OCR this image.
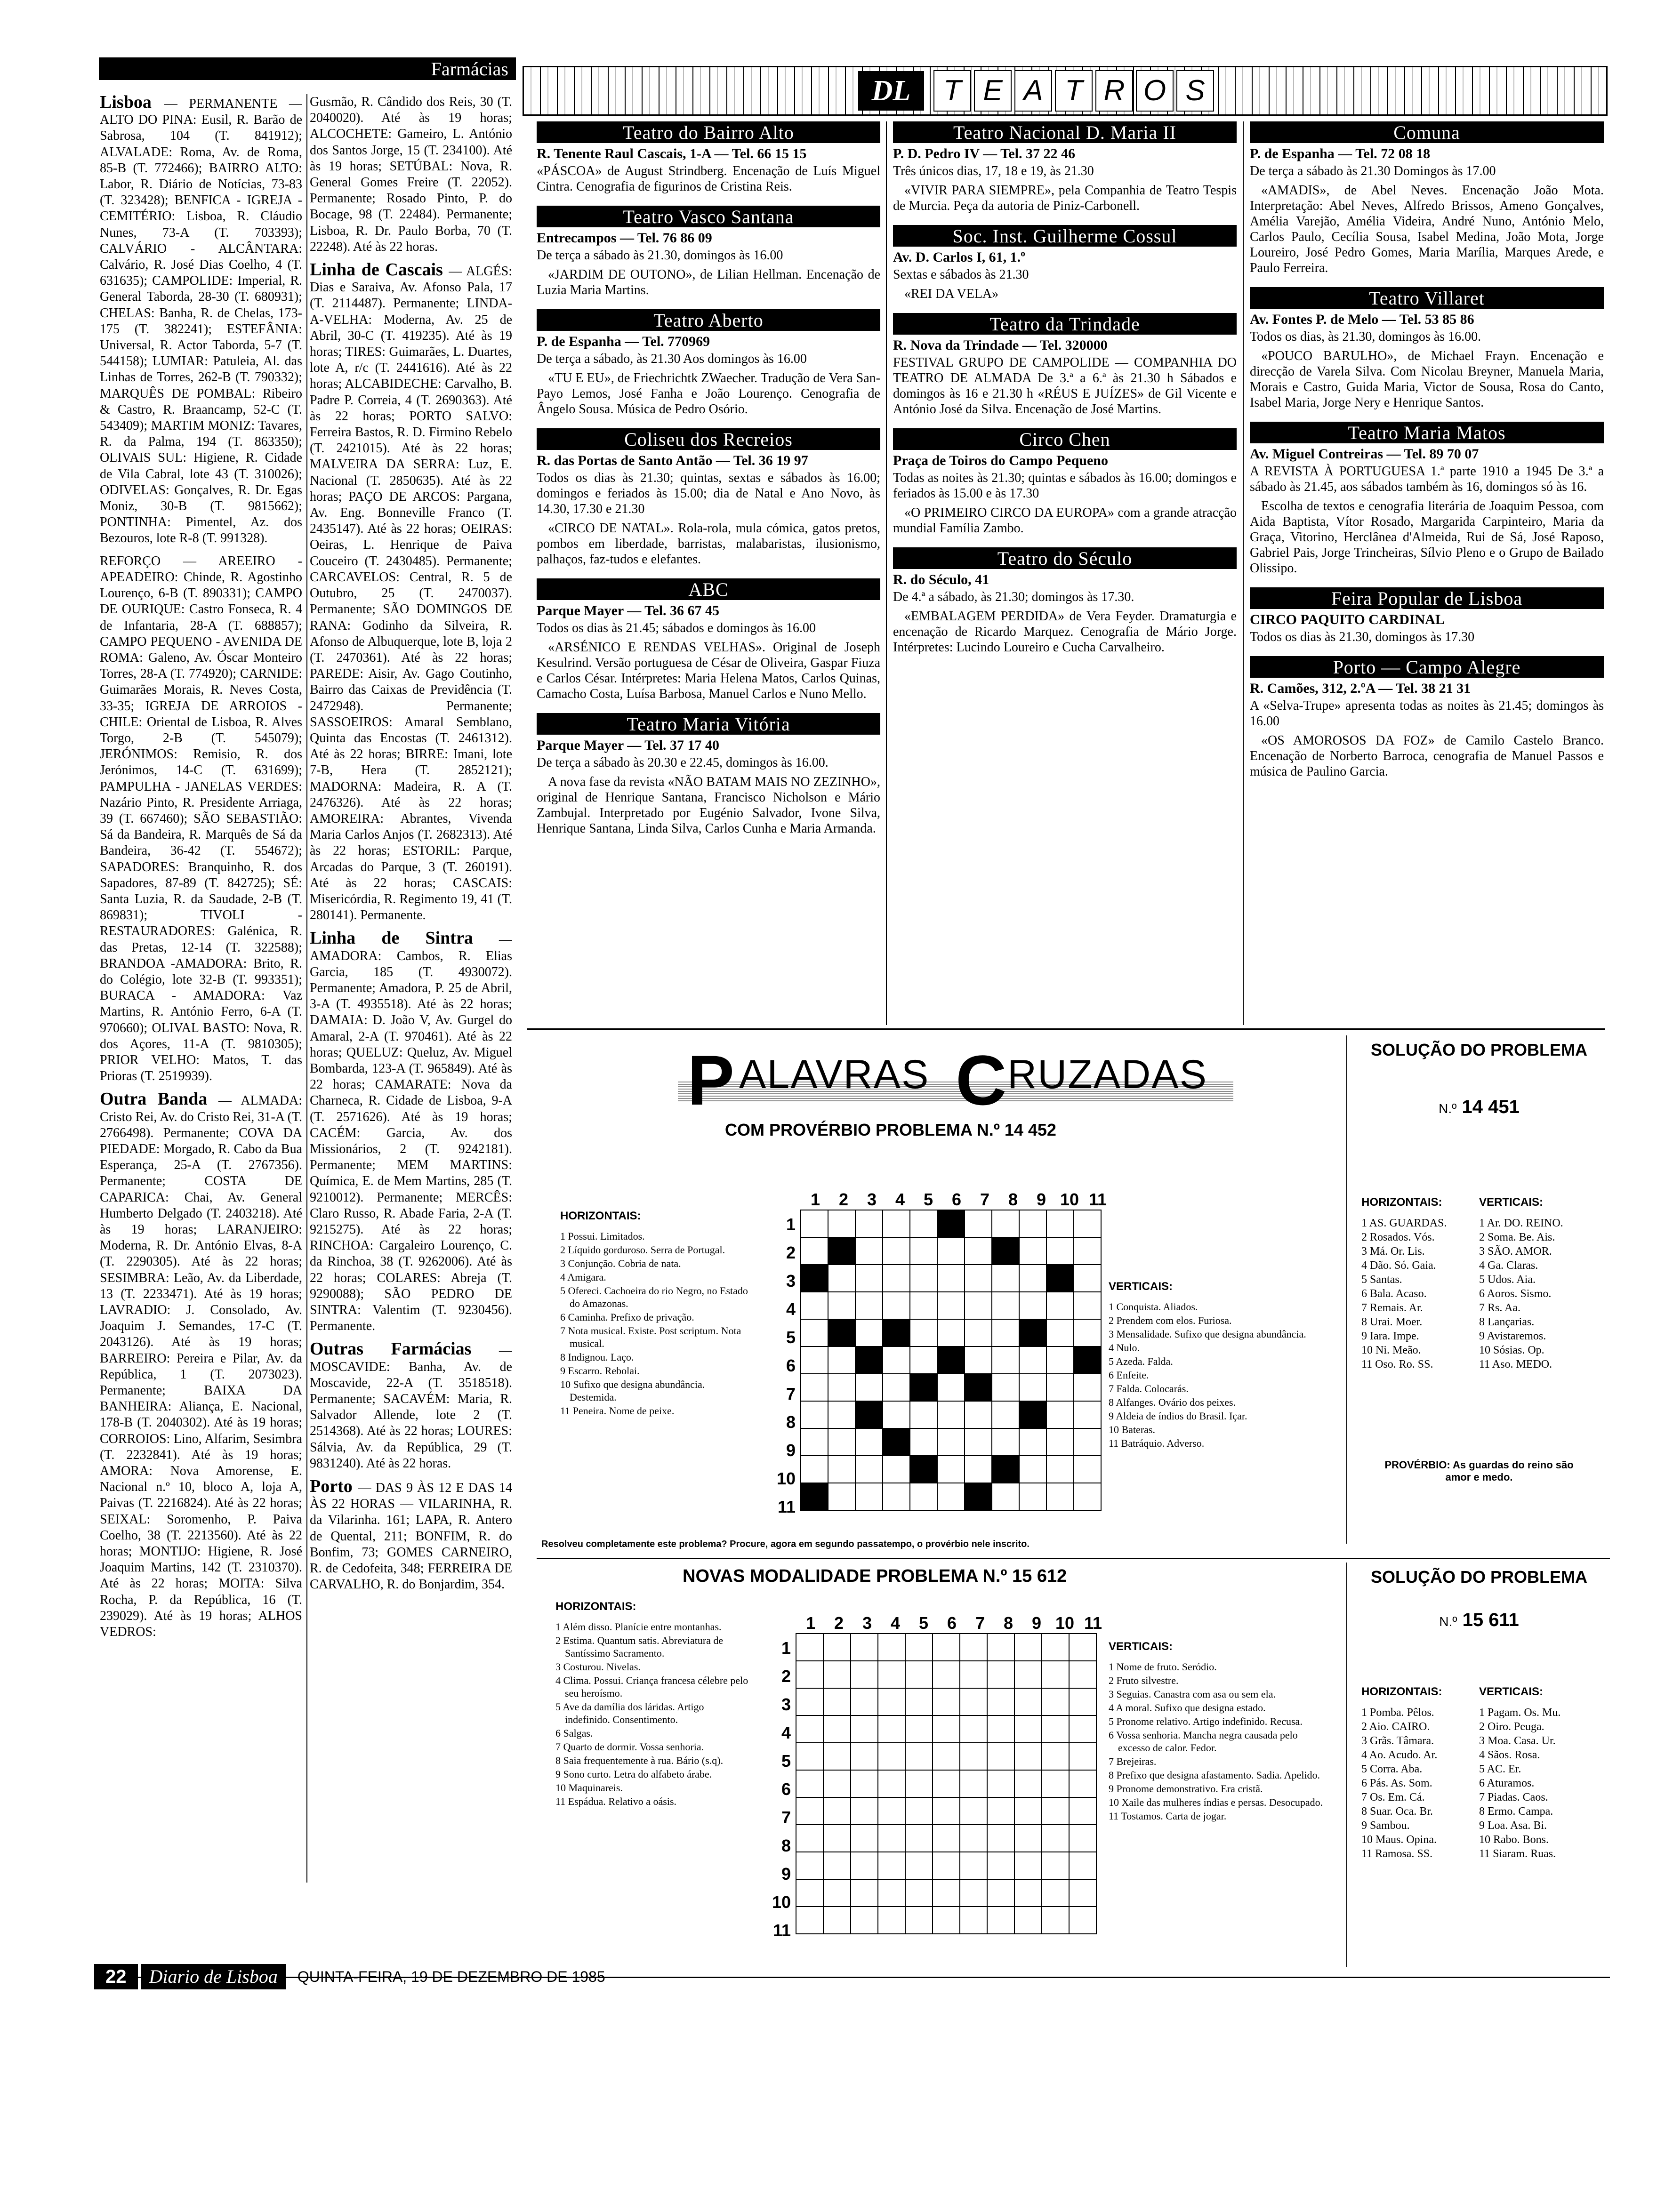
Farmácias

Lisboa — PERMANENTE — ALTO DO PINA: Eusil, R. Barão de Sabrosa, 104 (T. 841912); ALVALADE: Roma, Av. de Roma, 85-B (T. 772466); BAIRRO ALTO: Labor, R. Diário de Notícias, 73-83 (T. 323428); BENFICA - IGREJA -CEMITÉRIO: Lisboa, R. Cláudio Nunes, 73-A (T. 703393); CALVÁRIO - ALCÂNTARA: Calvário, R. José Dias Coelho, 4 (T. 631635); CAMPOLIDE: Imperial, R. General Taborda, 28-30 (T. 680931); CHELAS: Banha, R. de Chelas, 173-175 (T. 382241); ESTEFÂNIA: Universal, R. Actor Taborda, 5-7 (T. 544158); LUMIAR: Patuleia, Al. das Linhas de Torres, 262-B (T. 790332); MARQUÊS DE POMBAL: Ribeiro & Castro, R. Braancamp, 52-C (T. 543409); MARTIM MONIZ: Tavares, R. da Palma, 194 (T. 863350); OLIVAIS SUL: Higiene, R. Cidade de Vila Cabral, lote 43 (T. 310026); ODIVELAS: Gonçalves, R. Dr. Egas Moniz, 30-B (T. 9815662); PONTINHA: Pimentel, Az. dos Bezouros, lote R-8 (T. 991328).

REFORÇO — AREEIRO -APEADEIRO: Chinde, R. Agostinho Lourenço, 6-B (T. 890331); CAMPO DE OURIQUE: Castro Fonseca, R. 4 de Infantaria, 28-A (T. 688857); CAMPO PEQUENO - AVENIDA DE ROMA: Galeno, Av. Óscar Monteiro Torres, 28-A (T. 774920); CARNIDE: Guimarães Morais, R. Neves Costa, 33-35; IGREJA DE ARROIOS - CHILE: Oriental de Lisboa, R. Alves Torgo, 2-B (T. 545079); JERÓNIMOS: Remisio, R. dos Jerónimos, 14-C (T. 631699); PAMPULHA - JANELAS VERDES: Nazário Pinto, R. Presidente Arriaga, 39 (T. 667460); SÃO SEBASTIÃO: Sá da Bandeira, R. Marquês de Sá da Bandeira, 36-42 (T. 554672); SAPADORES: Branquinho, R. dos Sapadores, 87-89 (T. 842725); SÉ: Santa Luzia, R. da Saudade, 2-B (T. 869831); TIVOLI - RESTAURADORES: Galénica, R. das Pretas, 12-14 (T. 322588); BRANDOA -AMADORA: Brito, R. do Colégio, lote 32-B (T. 993351); BURACA - AMADORA: Vaz Martins, R. António Ferro, 6-A (T. 970660); OLIVAL BASTO: Nova, R. dos Açores, 11-A (T. 9810305); PRIOR VELHO: Matos, T. das Prioras (T. 2519939).

Outra Banda — ALMADA: Cristo Rei, Av. do Cristo Rei, 31-A (T. 2766498). Permanente; COVA DA PIEDADE: Morgado, R. Cabo da Bua Esperança, 25-A (T. 2767356). Permanente; COSTA DE CAPARICA: Chai, Av. General Humberto Delgado (T. 2403218). Até às 19 horas; LARANJEIRO: Moderna, R. Dr. António Elvas, 8-A (T. 2290305). Até às 22 horas; SESIMBRA: Leão, Av. da Liberdade, 13 (T. 2233471). Até às 19 horas; LAVRADIO: J. Consolado, Av. Joaquim J. Semandes, 17-C (T. 2043126). Até às 19 horas; BARREIRO: Pereira e Pilar, Av. da República, 1 (T. 2073023). Permanente; BAIXA DA BANHEIRA: Aliança, E. Nacional, 178-B (T. 2040302). Até às 19 horas; CORROIOS: Lino, Alfarim, Sesimbra (T. 2232841). Até às 19 horas; AMORA: Nova Amorense, E. Nacional n.º 10, bloco A, loja A, Paivas (T. 2216824). Até às 22 horas; SEIXAL: Soromenho, P. Paiva Coelho, 38 (T. 2213560). Até às 22 horas; MONTIJO: Higiene, R. José Joaquim Martins, 142 (T. 2310370). Até às 22 horas; MOITA: Silva Rocha, P. da República, 16 (T. 239029). Até às 19 horas; ALHOS VEDROS:

Gusmão, R. Cândido dos Reis, 30 (T. 2040020). Até às 19 horas; ALCOCHETE: Gameiro, L. António dos Santos Jorge, 15 (T. 234100). Até às 19 horas; SETÚBAL: Nova, R. General Gomes Freire (T. 22052). Permanente; Rosado Pinto, P. do Bocage, 98 (T. 22484). Permanente; Lisboa, R. Dr. Paulo Borba, 70 (T. 22248). Até às 22 horas.

Linha de Cascais — ALGÉS: Dias e Saraiva, Av. Afonso Pala, 17 (T. 2114487). Permanente; LINDA-A-VELHA: Moderna, Av. 25 de Abril, 30-C (T. 419235). Até às 19 horas; TIRES: Guimarães, L. Duartes, lote A, r/c (T. 2441616). Até às 22 horas; ALCABIDECHE: Carvalho, B. Padre P. Correia, 4 (T. 2690363). Até às 22 horas; PORTO SALVO: Ferreira Bastos, R. D. Firmino Rebelo (T. 2421015). Até às 22 horas; MALVEIRA DA SERRA: Luz, E. Nacional (T. 2850635). Até às 22 horas; PAÇO DE ARCOS: Pargana, Av. Eng. Bonneville Franco (T. 2435147). Até às 22 horas; OEIRAS: Oeiras, L. Henrique de Paiva Couceiro (T. 2430485). Permanente; CARCAVELOS: Central, R. 5 de Outubro, 25 (T. 2470037). Permanente; SÃO DOMINGOS DE RANA: Godinho da Silveira, R. Afonso de Albuquerque, lote B, loja 2 (T. 2470361). Até às 22 horas; PAREDE: Aisir, Av. Gago Coutinho, Bairro das Caixas de Previdência (T. 2472948). Permanente; SASSOEIROS: Amaral Semblano, Quinta das Encostas (T. 2461312). Até às 22 horas; BIRRE: Imani, lote 7-B, Hera (T. 2852121); MADORNA: Madeira, R. A (T. 2476326). Até às 22 horas; AMOREIRA: Abrantes, Vivenda Maria Carlos Anjos (T. 2682313). Até às 22 horas; ESTORIL: Parque, Arcadas do Parque, 3 (T. 260191). Até às 22 horas; CASCAIS: Misericórdia, R. Regimento 19, 41 (T. 280141). Permanente.

Linha de Sintra — AMADORA: Cambos, R. Elias Garcia, 185 (T. 4930072). Permanente; Amadora, P. 25 de Abril, 3-A (T. 4935518). Até às 22 horas; DAMAIA: D. João V, Av. Gurgel do Amaral, 2-A (T. 970461). Até às 22 horas; QUELUZ: Queluz, Av. Miguel Bombarda, 123-A (T. 965849). Até às 22 horas; CAMARATE: Nova da Charneca, R. Cidade de Lisboa, 9-A (T. 2571626). Até às 19 horas; CACÉM: Garcia, Av. dos Missionários, 2 (T. 9242181). Permanente; MEM MARTINS: Química, E. de Mem Martins, 285 (T. 9210012). Permanente; MERCÊS: Claro Russo, R. Abade Faria, 2-A (T. 9215275). Até às 22 horas; RINCHOA: Cargaleiro Lourenço, C. da Rinchoa, 38 (T. 9262006). Até às 22 horas; COLARES: Abreja (T. 9290088); SÃO PEDRO DE SINTRA: Valentim (T. 9230456). Permanente.

Outras Farmácias — MOSCAVIDE: Banha, Av. de Moscavide, 22-A (T. 3518518). Permanente; SACAVÉM: Maria, R. Salvador Allende, lote 2 (T. 2514368). Até às 22 horas; LOURES: Sálvia, Av. da República, 29 (T. 9831240). Até às 22 horas.

Porto — DAS 9 ÀS 12 E DAS 14 ÀS 22 HORAS — VILARINHA, R. da Vilarinha. 161; LAPA, R. Antero de Quental, 211; BONFIM, R. do Bonfim, 73; GOMES CARNEIRO, R. de Cedofeita, 348; FERREIRA DE CARVALHO, R. do Bonjardim, 354.

DL	T E A T R O S
Teatro do Bairro Alto
R. Tenente Raul Cascais, 1-A — Tel. 66 15 15

«PÁSCOA» de August Strindberg. Encenação de Luís Miguel Cintra. Cenografia de figurinos de Cristina Reis.

Teatro Vasco Santana
Entrecampos — Tel. 76 86 09

De terça a sábado às 21.30, domingos às 16.00

«JARDIM DE OUTONO», de Lilian Hellman. Encenação de Luzia Maria Martins.

Teatro Aberto
P. de Espanha — Tel. 770969

De terça a sábado, às 21.30 Aos domingos às 16.00

«TU E EU», de Friechrichtk ZWaecher. Tradução de Vera San-Payo Lemos, José Fanha e João Lourenço. Cenografia de Ângelo Sousa. Música de Pedro Osório.

Coliseu dos Recreios
R. das Portas de Santo Antão — Tel. 36 19 97

Todos os dias às 21.30; quintas, sextas e sábados às 16.00; domingos e feriados às 15.00; dia de Natal e Ano Novo, às 14.30, 17.30 e 21.30

«CIRCO DE NATAL». Rola-rola, mula cómica, gatos pretos, pombos em liberdade, barristas, malabaristas, ilusionismo, palhaços, faz-tudos e elefantes.

ABC
Parque Mayer — Tel. 36 67 45

Todos os dias às 21.45; sábados e domingos às 16.00

«ARSÉNICO E RENDAS VELHAS». Original de Joseph Kesulrind. Versão portuguesa de César de Oliveira, Gaspar Fiuza e Carlos César. Intérpretes: Maria Helena Matos, Carlos Quinas, Camacho Costa, Luísa Barbosa, Manuel Carlos e Nuno Mello.

Teatro Maria Vitória
Parque Mayer — Tel. 37 17 40

De terça a sábado às 20.30 e 22.45, domingos às 16.00.

A nova fase da revista «NÃO BATAM MAIS NO ZEZINHO», original de Henrique Santana, Francisco Nicholson e Mário Zambujal. Interpretado por Eugénio Salvador, Ivone Silva, Henrique Santana, Linda Silva, Carlos Cunha e Maria Armanda.

Teatro Nacional D. Maria II
P. D. Pedro IV — Tel. 37 22 46

Três únicos dias, 17, 18 e 19, às 21.30

«VIVIR PARA SIEMPRE», pela Companhia de Teatro Tespis de Murcia. Peça da autoria de Piniz-Carbonell.

Soc. Inst. Guilherme Cossul
Av. D. Carlos I, 61, 1.º

Sextas e sábados às 21.30

«REI DA VELA»

Teatro da Trindade
R. Nova da Trindade — Tel. 320000

FESTIVAL GRUPO DE CAMPOLIDE — COMPANHIA DO TEATRO DE ALMADA De 3.ª a 6.ª às 21.30 h Sábados e domingos às 16 e 21.30 h «RÉUS E JUÍZES» de Gil Vicente e António José da Silva. Encenação de José Martins.

Circo Chen
Praça de Toiros do Campo Pequeno

Todas as noites às 21.30; quintas e sábados às 16.00; domingos e feriados às 15.00 e às 17.30

«O PRIMEIRO CIRCO DA EUROPA» com a grande atracção mundial Família Zambo.

Teatro do Século
R. do Século, 41

De 4.ª a sábado, às 21.30; domingos às 17.30.

«EMBALAGEM PERDIDA» de Vera Feyder. Dramaturgia e encenação de Ricardo Marquez. Cenografia de Mário Jorge. Intérpretes: Lucindo Loureiro e Cucha Carvalheiro.

Comuna
P. de Espanha — Tel. 72 08 18

De terça a sábado às 21.30 Domingos às 17.00

«AMADIS», de Abel Neves. Encenação João Mota. Interpretação: Abel Neves, Alfredo Brissos, Ameno Gonçalves, Amélia Varejão, Amélia Videira, André Nuno, António Melo, Carlos Paulo, Cecília Sousa, Isabel Medina, João Mota, Jorge Loureiro, José Pedro Gomes, Maria Marília, Marques Arede, e Paulo Ferreira.

Teatro Villaret
Av. Fontes P. de Melo — Tel. 53 85 86

Todos os dias, às 21.30, domingos às 16.00.

«POUCO BARULHO», de Michael Frayn. Encenação e direcção de Varela Silva. Com Nicolau Breyner, Manuela Maria, Morais e Castro, Guida Maria, Victor de Sousa, Rosa do Canto, Isabel Maria, Jorge Nery e Henrique Santos.

Teatro Maria Matos
Av. Miguel Contreiras — Tel. 89 70 07

A REVISTA À PORTUGUESA 1.ª parte 1910 a 1945 De 3.ª a sábado às 21.45, aos sábados também às 16, domingos só às 16.

Escolha de textos e cenografia literária de Joaquim Pessoa, com Aida Baptista, Vítor Rosado, Margarida Carpinteiro, Maria da Graça, Vitorino, Herclânea d'Almeida, Rui de Sá, José Raposo, Gabriel Pais, Jorge Trincheiras, Sílvio Pleno e o Grupo de Bailado Olissipo.

Feira Popular de Lisboa
CIRCO PAQUITO CARDINAL

Todos os dias às 21.30, domingos às 17.30

Porto — Campo Alegre
R. Camões, 312, 2.ºA — Tel. 38 21 31

A «Selva-Trupe» apresenta todas as noites às 21.45; domingos às 16.00

«OS AMOROSOS DA FOZ» de Camilo Castelo Branco. Encenação de Norberto Barroca, cenografia de Manuel Passos e música de Paulino Garcia.

P ALAVRAS C RUZADAS
COM PROVÉRBIO PROBLEMA N.º 14 452
HORIZONTAIS:
1 Possui. Limitados.
2 Líquido gorduroso. Serra de Portugal.
3 Conjunção. Cobria de nata.
4 Amigara.
5 Ofereci. Cachoeira do rio Negro, no Estado do Amazonas.
6 Caminha. Prefixo de privação.
7 Nota musical. Existe. Post scriptum. Nota musical.
8 Indignou. Laço.
9 Escarro. Rebolai.
10 Sufixo que designa abundância. Destemida.
11 Peneira. Nome de peixe.
1	2	3	4	5	6	7	8	9 10 11
1
2
3
4
5
6
7
8
9
10
11

VERTICAIS:
1 Conquista. Aliados.
2 Prendem com elos. Furiosa.
3 Mensalidade. Sufixo que designa abundância.
4 Nulo.
5 Azeda. Falda.
6 Enfeite.
7 Falda. Colocarás.
8 Alfanges. Ovário dos peixes.
9 Aldeia de índios do Brasil. Içar.
10 Bateras.
11 Batráquio. Adverso.
Resolveu completamente este problema? Procure, agora em segundo passatempo, o provérbio nele inscrito.
SOLUÇÃO DO PROBLEMA
N.º 14 451
HORIZONTAIS:
1 AS. GUARDAS.
2 Rosados. Vós.
3 Má. Or. Lis.
4 Dão. Só. Gaia.
5 Santas.
6 Bala. Acaso.
7 Remais. Ar.
8 Urai. Moer.
9 Iara. Impe.
10 Ni. Meão.
11 Oso. Ro. SS.
VERTICAIS:
1 Ar. DO. REINO.
2 Soma. Be. Ais.
3 SÃO. AMOR.
4 Ga. Claras.
5 Udos. Aia.
6 Aoros. Sismo.
7 Rs. Aa.
8 Lançarias.
9 Avistaremos.
10 Sósias. Op.
11 Aso. MEDO.
PROVÉRBIO: As guardas do reino são amor e medo.
NOVAS MODALIDADE PROBLEMA N.º 15 612
HORIZONTAIS:
1 Além disso. Planície entre montanhas.
2 Estima. Quantum satis. Abreviatura de Santíssimo Sacramento.
3 Costurou. Nivelas.
4 Clima. Possui. Criança francesa célebre pelo seu heroísmo.
5 Ave da damília dos láridas. Artigo indefinido. Consentimento.
6 Salgas.
7 Quarto de dormir. Vossa senhoria.
8 Saia frequentemente à rua. Bário (s.q).
9 Sono curto. Letra do alfabeto árabe.
10 Maquinareis.
11 Espádua. Relativo a oásis.
1	2	3	4	5	6	7	8	9 10 11
1
2
3
4
5
6
7
8
9
10
11

VERTICAIS:
1 Nome de fruto. Seródio.
2 Fruto silvestre.
3 Seguias. Canastra com asa ou sem ela.
4 A moral. Sufixo que designa estado.
5 Pronome relativo. Artigo indefinido. Recusa.
6 Vossa senhoria. Mancha negra causada pelo excesso de calor. Fedor.
7 Brejeiras.
8 Prefixo que designa afastamento. Sadia. Apelido.
9 Pronome demonstrativo. Era cristã.
10 Xaile das mulheres índias e persas. Desocupado.
11 Tostamos. Carta de jogar.
SOLUÇÃO DO PROBLEMA
N.º 15 611
HORIZONTAIS:
1 Pomba. Pêlos.
2 Aio. CAIRO.
3 Grãs. Tâmara.
4 Ao. Acudo. Ar.
5 Corra. Aba.
6 Pás. As. Som.
7 Os. Em. Cá.
8 Suar. Oca. Br.
9 Sambou.
10 Maus. Opina.
11 Ramosa. SS.
VERTICAIS:
1 Pagam. Os. Mu.
2 Oiro. Peuga.
3 Moa. Casa. Ur.
4 Sãos. Rosa.
5 AC. Er.
6 Aturamos.
7 Piadas. Caos.
8 Ermo. Campa.
9 Loa. Asa. Bi.
10 Rabo. Bons.
11 Siaram. Ruas.
22	Diario de Lisboa	QUINTA-FEIRA, 19 DE DEZEMBRO DE 1985
